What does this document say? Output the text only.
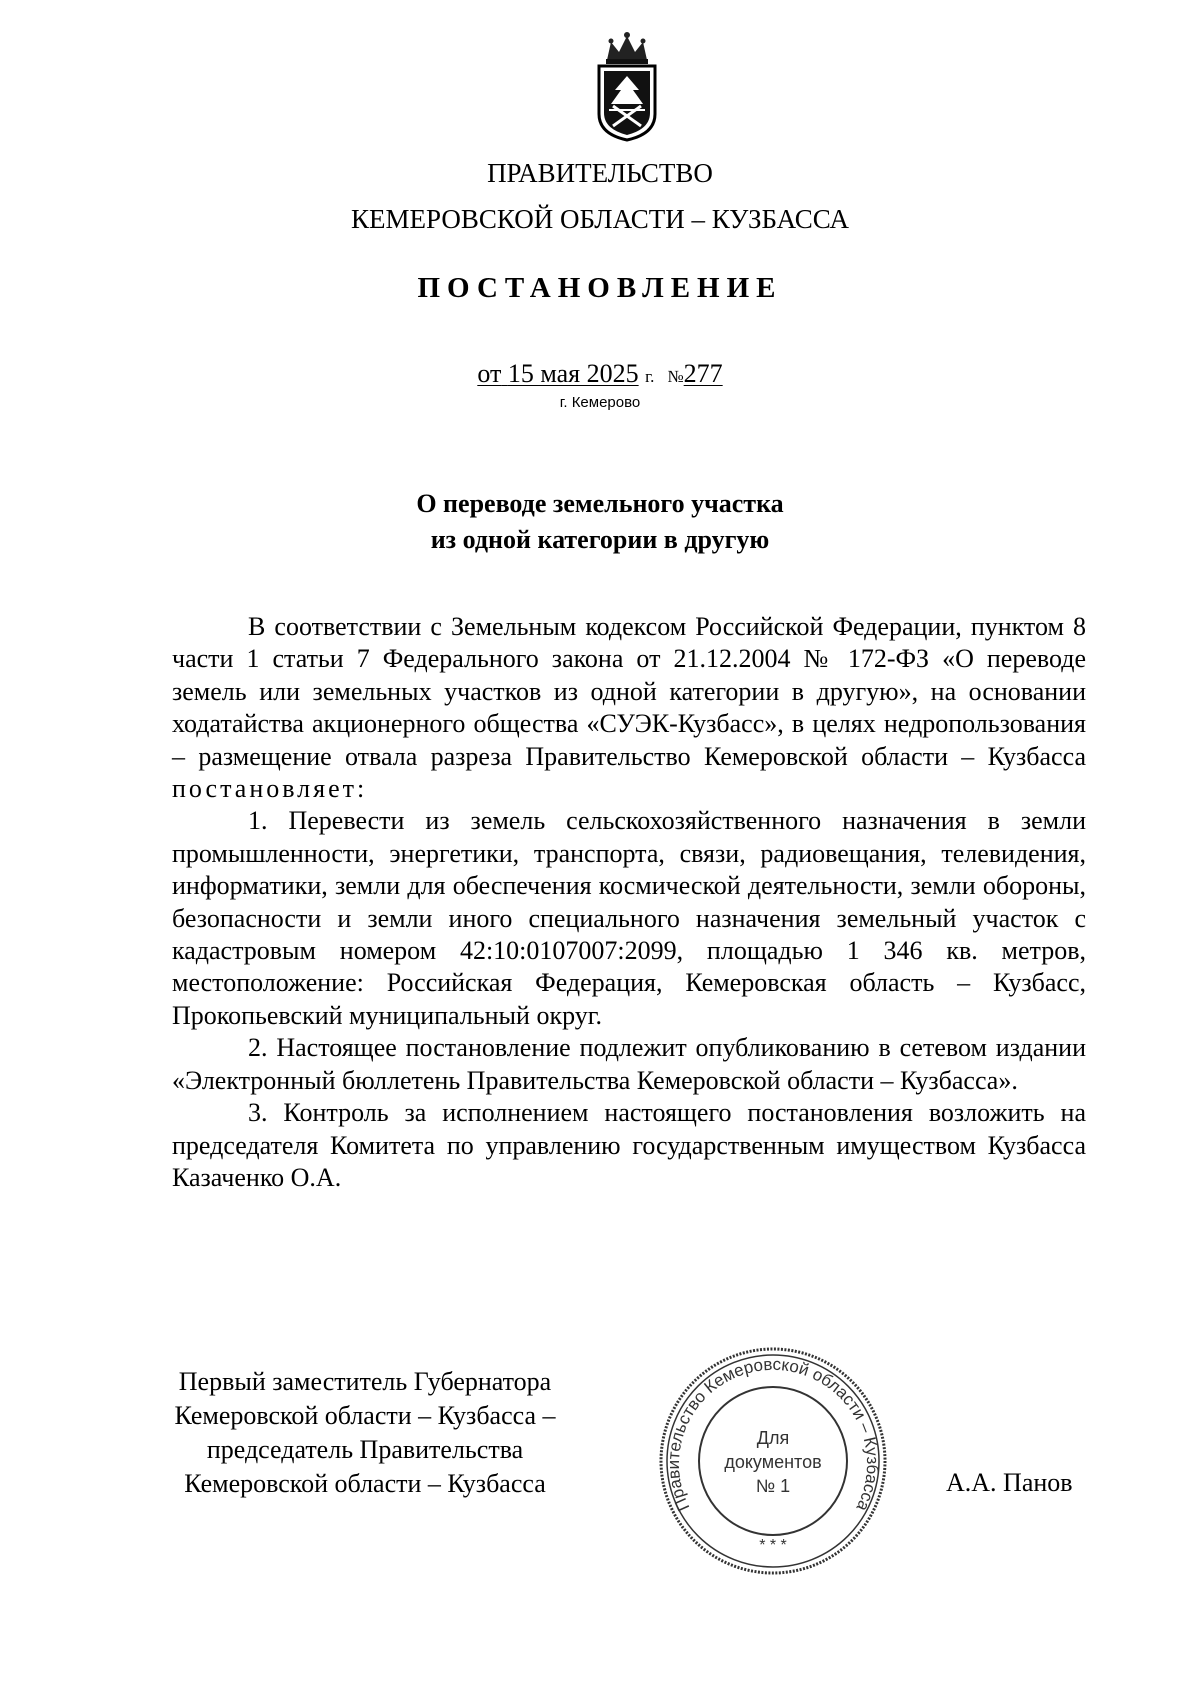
ПРАВИТЕЛЬСТВО
КЕМЕРОВСКОЙ ОБЛАСТИ – КУЗБАССА
ПОСТАНОВЛЕНИЕ
от 15 мая 2025 г. №277
г. Кемерово
О переводе земельного участка
из одной категории в другую

В соответствии с Земельным кодексом Российской Федерации, пунктом 8 части 1 статьи 7 Федерального закона от 21.12.2004 № 172-ФЗ «О переводе земель или земельных участков из одной категории в другую», на основании ходатайства акционерного общества «СУЭК-Кузбасс», в целях недропользования – размещение отвала разреза Правительство Кемеровской области – Кузбасса постановляет:

1. Перевести из земель сельскохозяйственного назначения в земли промышленности, энергетики, транспорта, связи, радиовещания, телевидения, информатики, земли для обеспечения космической деятельности, земли обороны, безопасности и земли иного специального назначения земельный участок с кадастровым номером 42:10:0107007:2099, площадью 1 346 кв. метров, местоположение: Российская Федерация, Кемеровская область – Кузбасс, Прокопьевский муниципальный округ.

2. Настоящее постановление подлежит опубликованию в сетевом издании «Электронный бюллетень Правительства Кемеровской области – Кузбасса».

3. Контроль за исполнением настоящего постановления возложить на председателя Комитета по управлению государственным имуществом Кузбасса Казаченко О.А.

Первый заместитель Губернатора
Кемеровской области – Кузбасса –
председатель Правительства
Кемеровской области – Кузбасса	А.А. Панов
Правительство Кемеровской области – Кузбасса
* * *
Для
документов
№ 1
